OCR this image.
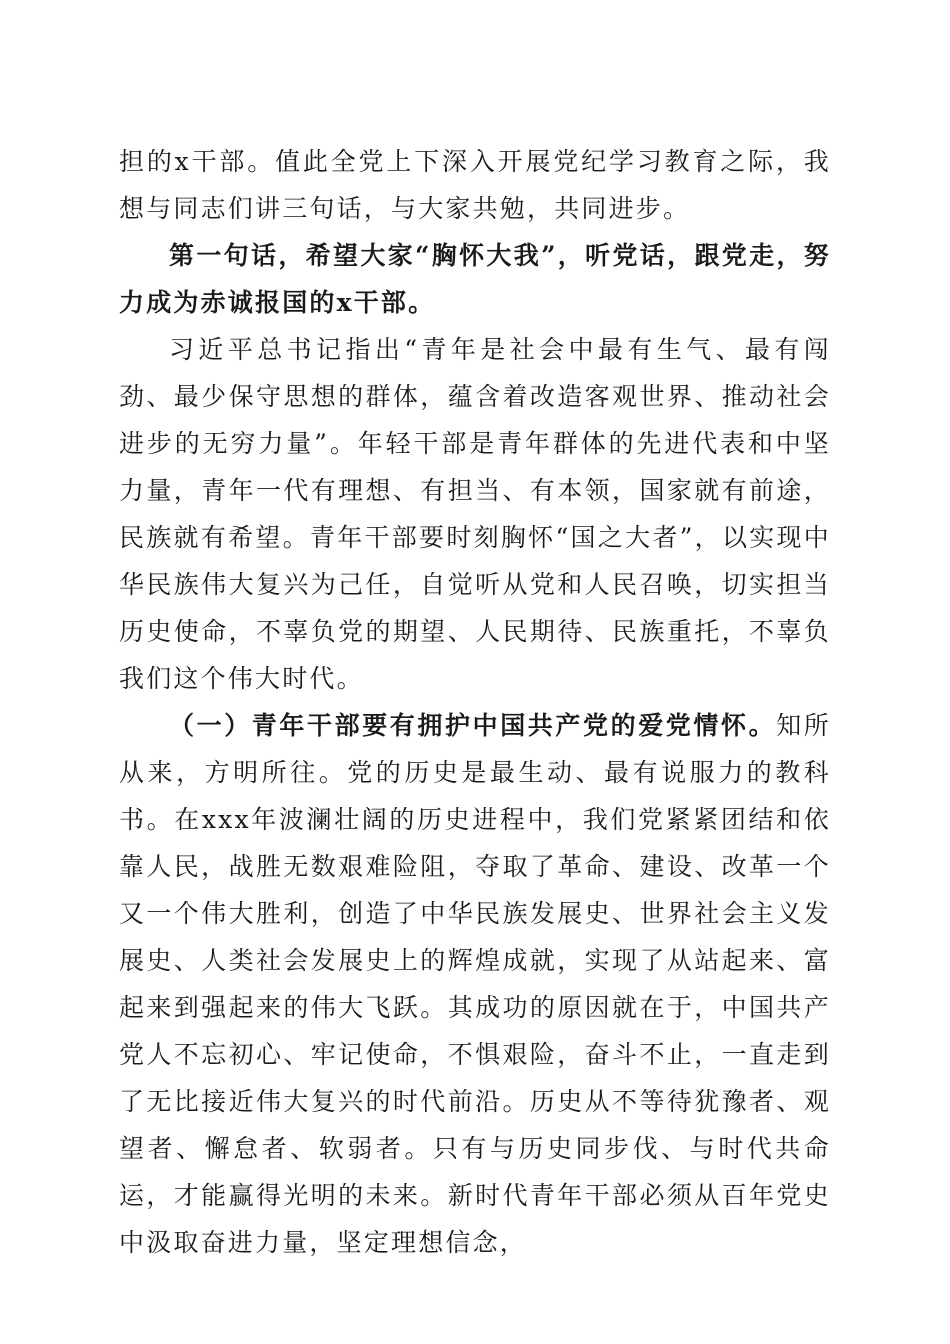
担的x干部。值此全党上下深入开展党纪学习教育之际，我想与同志们讲三句话，与大家共勉，共同进步。

第一句话，希望大家“胸怀大我”，听党话，跟党走，努力成为赤诚报国的x干部。

习近平总书记指出“青年是社会中最有生气、最有闯劲、最少保守思想的群体，蕴含着改造客观世界、推动社会进步的无穷力量”。年轻干部是青年群体的先进代表和中坚力量，青年一代有理想、有担当、有本领，国家就有前途，民族就有希望。青年干部要时刻胸怀“国之大者”，以实现中华民族伟大复兴为己任，自觉听从党和人民召唤，切实担当历史使命，不辜负党的期望、人民期待、民族重托，不辜负我们这个伟大时代。

（一）青年干部要有拥护中国共产党的爱党情怀。知所从来，方明所往。党的历史是最生动、最有说服力的教科书。在xxx年波澜壮阔的历史进程中，我们党紧紧团结和依靠人民，战胜无数艰难险阻，夺取了革命、建设、改革一个又一个伟大胜利，创造了中华民族发展史、世界社会主义发展史、人类社会发展史上的辉煌成就，实现了从站起来、富起来到强起来的伟大飞跃。其成功的原因就在于，中国共产党人不忘初心、牢记使命，不惧艰险，奋斗不止，一直走到了无比接近伟大复兴的时代前沿。历史从不等待犹豫者、观望者、懈怠者、软弱者。只有与历史同步伐、与时代共命运，才能赢得光明的未来。新时代青年干部必须从百年党史中汲取奋进力量，坚定理想信念，
